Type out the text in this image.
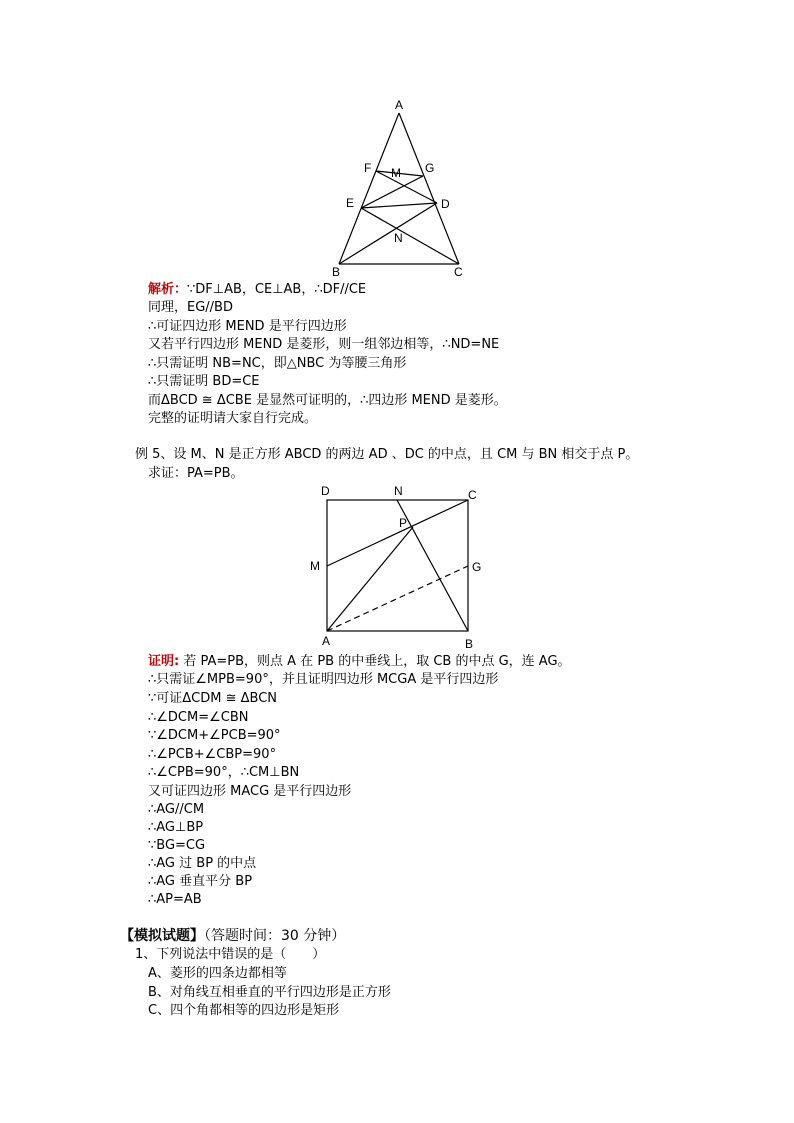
A
F M G
E	D
N
B	C
D	N	C
P
M	G
A	B
解析：∵DF⊥AB，CE⊥AB，∴DF//CE
同理，EG//BD
∴可证四边形 MEND 是平行四边形
又若平行四边形 MEND 是菱形，则一组邻边相等，∴ND=NE
∴只需证明 NB=NC，即△NBC 为等腰三角形
∴只需证明 BD=CE
而ΔBCD ≅ ΔCBE 是显然可证明的，∴四边形 MEND 是菱形。
完整的证明请大家自行完成。
例 5、设 M、N 是正方形 ABCD 的两边 AD 、DC 的中点，且 CM 与 BN 相交于点 P。
求证：PA=PB。
证明: 若 PA=PB，则点 A 在 PB 的中垂线上，取 CB 的中点 G，连 AG。
∴只需证∠MPB=90°，并且证明四边形 MCGA 是平行四边形
∵可证ΔCDM ≅ ΔBCN
∴∠DCM=∠CBN
∵∠DCM+∠PCB=90°
∴∠PCB+∠CBP=90°
∴∠CPB=90°，∴CM⊥BN
又可证四边形 MACG 是平行四边形
∴AG//CM
∴AG⊥BP
∵BG=CG
∴AG 过 BP 的中点
∴AG 垂直平分 BP
∴AP=AB
【模拟试题】（答题时间：30 分钟）
1、下列说法中错误的是（　　）
A、菱形的四条边都相等
B、对角线互相垂直的平行四边形是正方形
C、四个角都相等的四边形是矩形
